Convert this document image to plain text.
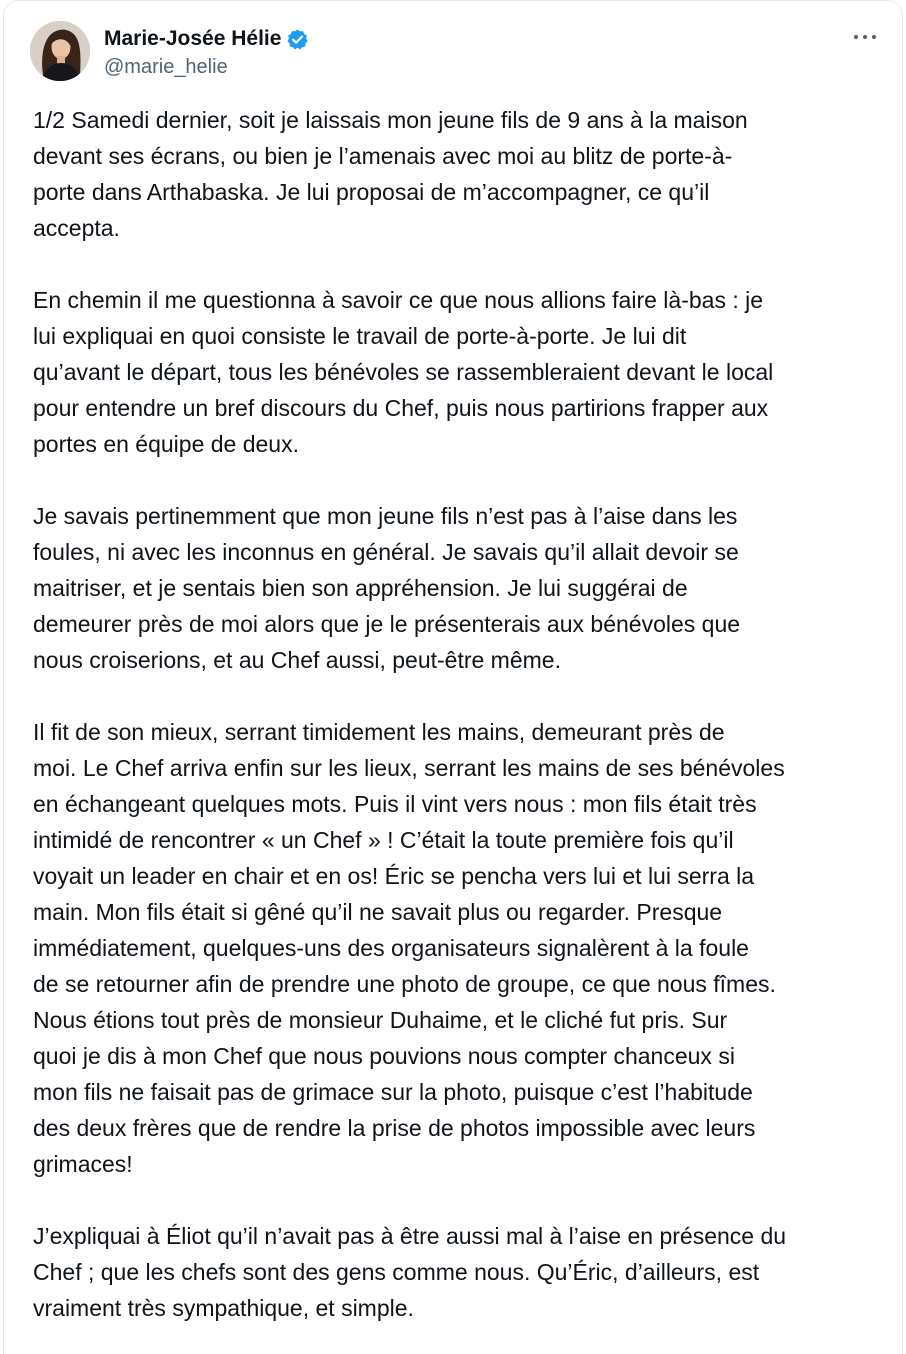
Marie-Josée Hélie
@marie_helie

1/2 Samedi dernier, soit je laissais mon jeune fils de 9 ans à la maison
devant ses écrans, ou bien je l’amenais avec moi au blitz de porte-à-
porte dans Arthabaska. Je lui proposai de m’accompagner, ce qu’il
accepta.

En chemin il me questionna à savoir ce que nous allions faire là-bas : je
lui expliquai en quoi consiste le travail de porte-à-porte. Je lui dit
qu’avant le départ, tous les bénévoles se rassembleraient devant le local
pour entendre un bref discours du Chef, puis nous partirions frapper aux
portes en équipe de deux.

Je savais pertinemment que mon jeune fils n’est pas à l’aise dans les
foules, ni avec les inconnus en général. Je savais qu’il allait devoir se
maitriser, et je sentais bien son appréhension. Je lui suggérai de
demeurer près de moi alors que je le présenterais aux bénévoles que
nous croiserions, et au Chef aussi, peut-être même.

Il fit de son mieux, serrant timidement les mains, demeurant près de
moi. Le Chef arriva enfin sur les lieux, serrant les mains de ses bénévoles
en échangeant quelques mots. Puis il vint vers nous : mon fils était très
intimidé de rencontrer « un Chef » ! C’était la toute première fois qu’il
voyait un leader en chair et en os! Éric se pencha vers lui et lui serra la
main. Mon fils était si gêné qu’il ne savait plus ou regarder. Presque
immédiatement, quelques-uns des organisateurs signalèrent à la foule
de se retourner afin de prendre une photo de groupe, ce que nous fîmes.
Nous étions tout près de monsieur Duhaime, et le cliché fut pris. Sur
quoi je dis à mon Chef que nous pouvions nous compter chanceux si
mon fils ne faisait pas de grimace sur la photo, puisque c’est l’habitude
des deux frères que de rendre la prise de photos impossible avec leurs
grimaces!

J’expliquai à Éliot qu’il n’avait pas à être aussi mal à l’aise en présence du
Chef ; que les chefs sont des gens comme nous. Qu’Éric, d’ailleurs, est
vraiment très sympathique, et simple.
